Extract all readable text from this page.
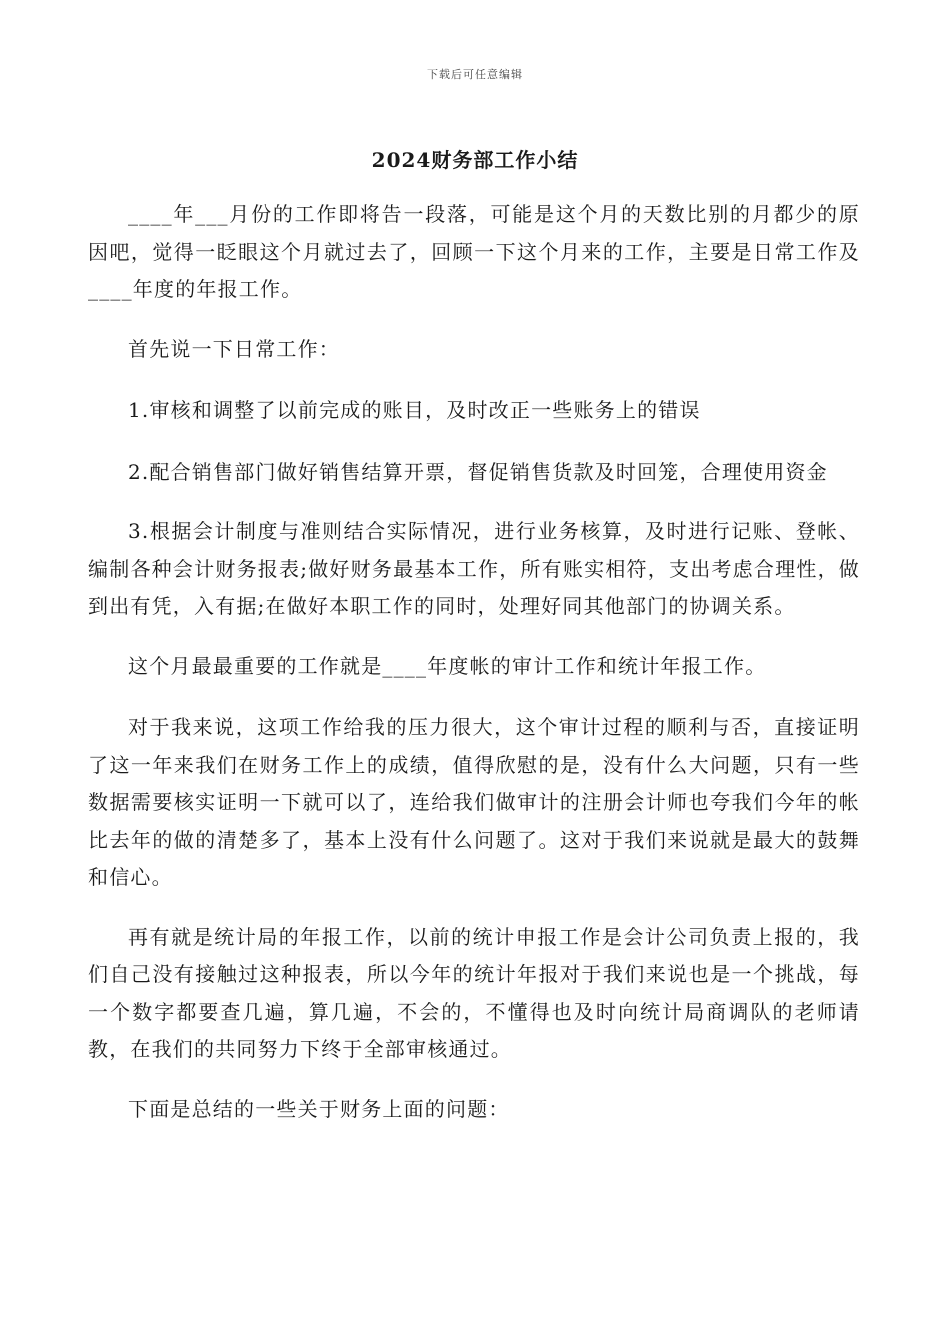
下载后可任意编辑
2024财务部工作小结

____年___月份的工作即将告一段落，可能是这个月的天数比别的月都少的原因吧，觉得一眨眼这个月就过去了，回顾一下这个月来的工作，主要是日常工作及____年度的年报工作。

首先说一下日常工作：

1.审核和调整了以前完成的账目，及时改正一些账务上的错误

2.配合销售部门做好销售结算开票，督促销售货款及时回笼，合理使用资金

3.根据会计制度与准则结合实际情况，进行业务核算，及时进行记账、登帐、编制各种会计财务报表;做好财务最基本工作，所有账实相符，支出考虑合理性，做到出有凭，入有据;在做好本职工作的同时，处理好同其他部门的协调关系。

这个月最最重要的工作就是____年度帐的审计工作和统计年报工作。

对于我来说，这项工作给我的压力很大，这个审计过程的顺利与否，直接证明了这一年来我们在财务工作上的成绩，值得欣慰的是，没有什么大问题，只有一些数据需要核实证明一下就可以了，连给我们做审计的注册会计师也夸我们今年的帐比去年的做的清楚多了，基本上没有什么问题了。这对于我们来说就是最大的鼓舞和信心。

再有就是统计局的年报工作，以前的统计申报工作是会计公司负责上报的，我们自己没有接触过这种报表，所以今年的统计年报对于我们来说也是一个挑战，每一个数字都要查几遍，算几遍，不会的，不懂得也及时向统计局商调队的老师请教，在我们的共同努力下终于全部审核通过。

下面是总结的一些关于财务上面的问题：
